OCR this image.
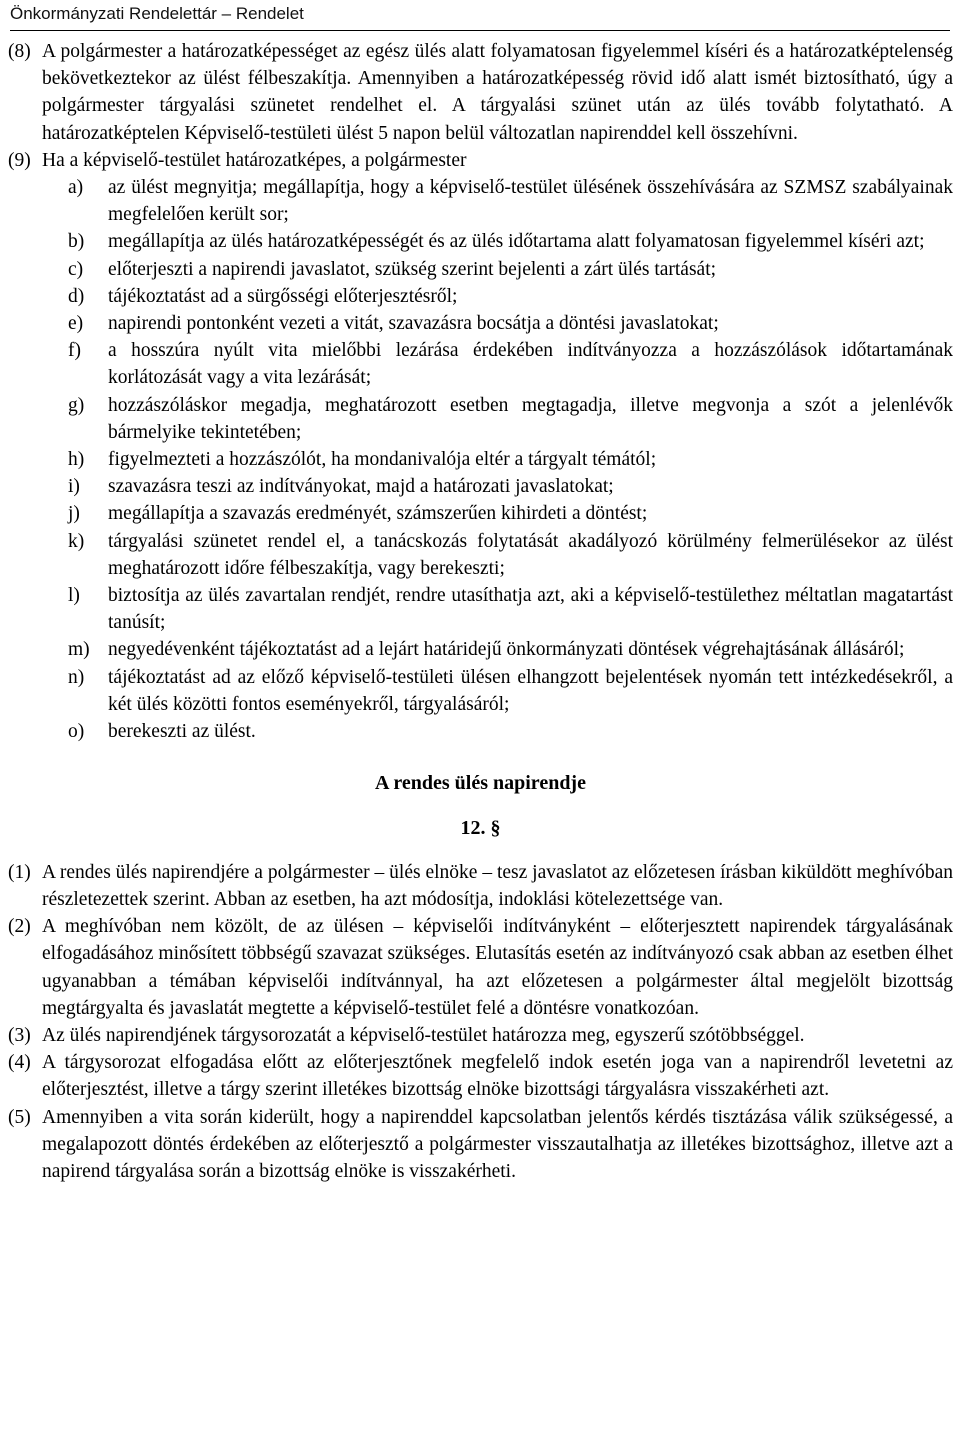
Önkormányzati Rendelettár – Rendelet
(8) A polgármester a határozatképességet az egész ülés alatt folyamatosan figyelemmel kíséri és a határozatképtelenség bekövetkeztekor az ülést félbeszakítja. Amennyiben a határozatképesség rövid idő alatt ismét biztosítható, úgy a polgármester tárgyalási szünetet rendelhet el. A tárgyalási szünet után az ülés tovább folytatható. A határozatképtelen Képviselő-testületi ülést 5 napon belül változatlan napirenddel kell összehívni.
(9) Ha a képviselő-testület határozatképes, a polgármester
a)	az ülést megnyitja; megállapítja, hogy a képviselő-testület ülésének összehívására az SZMSZ szabályainak megfelelően került sor;
b)	megállapítja az ülés határozatképességét és az ülés időtartama alatt folyamatosan figyelemmel kíséri azt;
c)	előterjeszti a napirendi javaslatot, szükség szerint bejelenti a zárt ülés tartását;
d)	tájékoztatást ad a sürgősségi előterjesztésről;
e)	napirendi pontonként vezeti a vitát, szavazásra bocsátja a döntési javaslatokat;
f)	a hosszúra nyúlt vita mielőbbi lezárása érdekében indítványozza a hozzászólások időtartamának korlátozását vagy a vita lezárását;
g)	hozzászóláskor megadja, meghatározott esetben megtagadja, illetve megvonja a szót a jelenlévők bármelyike tekintetében;
h)	figyelmezteti a hozzászólót, ha mondanivalója eltér a tárgyalt témától;
i)	szavazásra teszi az indítványokat, majd a határozati javaslatokat;
j)	megállapítja a szavazás eredményét, számszerűen kihirdeti a döntést;
k)	tárgyalási szünetet rendel el, a tanácskozás folytatását akadályozó körülmény felmerülésekor az ülést meghatározott időre félbeszakítja, vagy berekeszti;
l)	biztosítja az ülés zavartalan rendjét, rendre utasíthatja azt, aki a képviselő-testülethez méltatlan magatartást tanúsít;
m) negyedévenként tájékoztatást ad a lejárt határidejű önkormányzati döntések végrehajtásának állásáról;
n)	tájékoztatást ad az előző képviselő-testületi ülésen elhangzott bejelentések nyomán tett intézkedésekről, a két ülés közötti fontos eseményekről, tárgyalásáról;
o)	berekeszti az ülést.
A rendes ülés napirendje
12. §
(1) A rendes ülés napirendjére a polgármester – ülés elnöke – tesz javaslatot az előzetesen írásban kiküldött meghívóban részletezettek szerint. Abban az esetben, ha azt módosítja, indoklási kötelezettsége van.
(2) A meghívóban nem közölt, de az ülésen – képviselői indítványként – előterjesztett napirendek tárgyalásának elfogadásához minősített többségű szavazat szükséges. Elutasítás esetén az indítványozó csak abban az esetben élhet ugyanabban a témában képviselői indítvánnyal, ha azt előzetesen a polgármester által megjelölt bizottság megtárgyalta és javaslatát megtette a képviselő-testület felé a döntésre vonatkozóan.
(3) Az ülés napirendjének tárgysorozatát a képviselő-testület határozza meg, egyszerű szótöbbséggel.
(4) A tárgysorozat elfogadása előtt az előterjesztőnek megfelelő indok esetén joga van a napirendről levetetni az előterjesztést, illetve a tárgy szerint illetékes bizottság elnöke bizottsági tárgyalásra visszakérheti azt.
(5) Amennyiben a vita során kiderült, hogy a napirenddel kapcsolatban jelentős kérdés tisztázása válik szükségessé, a megalapozott döntés érdekében az előterjesztő a polgármester visszautalhatja az illetékes bizottsághoz, illetve azt a napirend tárgyalása során a bizottság elnöke is visszakérheti.
